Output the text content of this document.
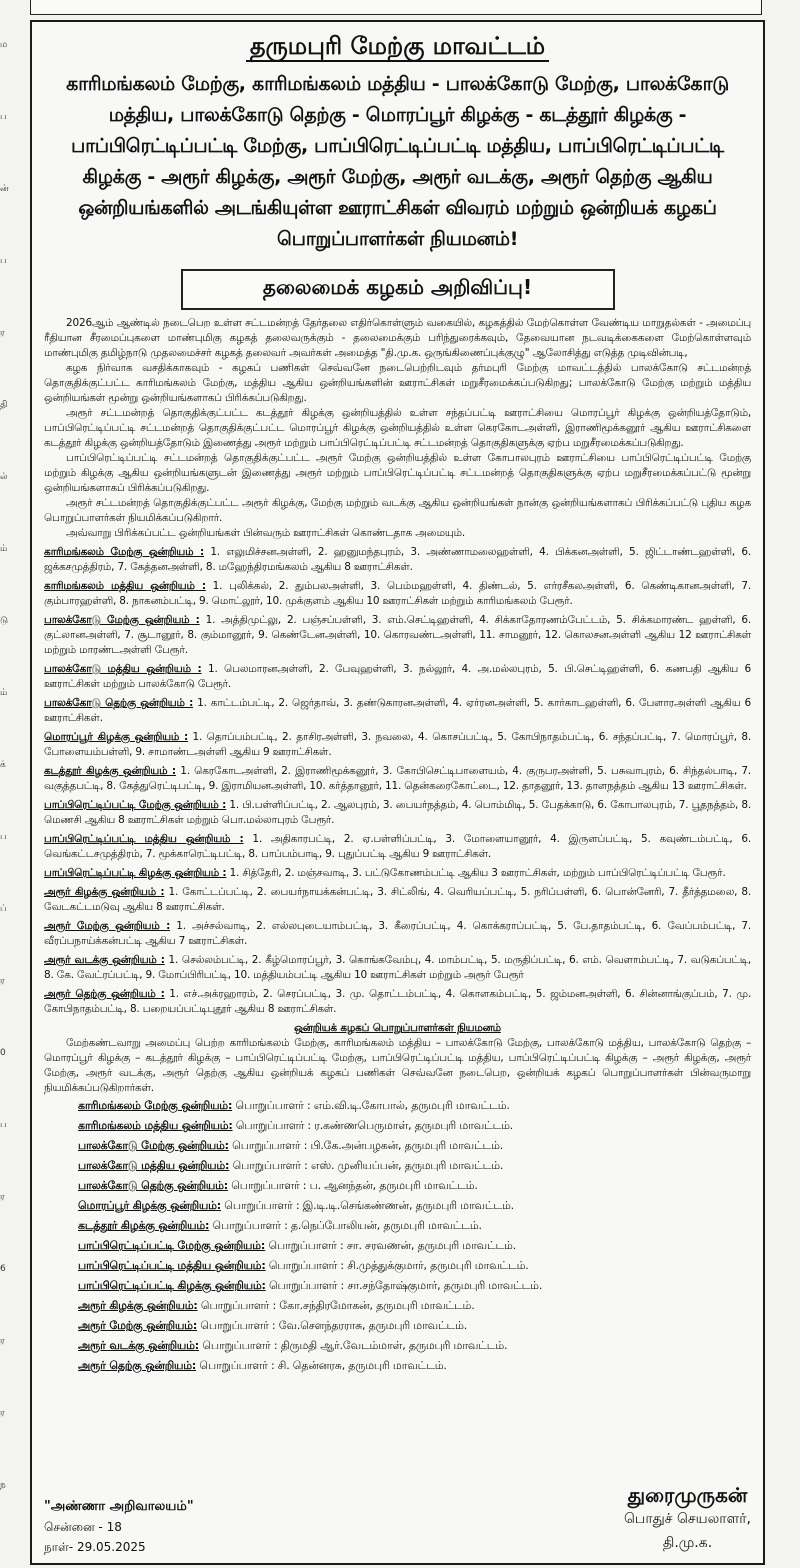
ம
ப
ன்
ப
ர
தி
ல்
ம்
டு
ம்
க்
ப
ப்
ர
0
ப
ர
6
ர
ர
ந
தருமபுரி மேற்கு மாவட்டம்
காரிமங்கலம் மேற்கு, காரிமங்கலம் மத்திய - பாலக்கோடு மேற்கு, பாலக்கோடு மத்திய, பாலக்கோடு தெற்கு - மொரப்பூர் கிழக்கு - கடத்தூர் கிழக்கு - பாப்பிரெட்டிப்பட்டி மேற்கு, பாப்பிரெட்டிப்பட்டி மத்திய, பாப்பிரெட்டிப்பட்டி கிழக்கு - அரூர் கிழக்கு, அரூர் மேற்கு, அரூர் வடக்கு, அரூர் தெற்கு ஆகிய ஒன்றியங்களில் அடங்கியுள்ள ஊராட்சிகள் விவரம் மற்றும் ஒன்றியக் கழகப் பொறுப்பாளர்கள் நியமனம்!
தலைமைக் கழகம் அறிவிப்பு!

2026ஆம் ஆண்டில் நடைபெற உள்ள சட்டமன்றத் தேர்தலை எதிர்கொள்ளும் வகையில், கழகத்தில் மேற்கொள்ள வேண்டிய மாறுதல்கள் - அமைப்பு ரீதியான சீரமைப்புகளை மாண்புமிகு கழகத் தலைவருக்கும் - தலைமைக்கும் பரிந்துரைக்கவும், தேவையான நடவடிக்கைகளை மேற்கொள்ளவும் மாண்புமிகு தமிழ்நாடு முதலமைச்சர் கழகத் தலைவர் அவர்கள் அமைத்த "தி.மு.க. ஒருங்கிணைப்புக்குழு" ஆலோசித்து எடுத்த முடிவின்படி,

கழக நிர்வாக வசதிக்காகவும் - கழகப் பணிகள் செவ்வனே நடைபெற்றிடவும் தர்மபுரி மேற்கு மாவட்டத்தில் பாலக்கோடு சட்டமன்றத் தொகுதிக்குட்பட்ட காரிமங்கலம் மேற்கு, மத்திய ஆகிய ஒன்றியங்களின் ஊராட்சிகள் மறுசீரமைக்கப்படுகிறது; பாலக்கோடு மேற்கு மற்றும் மத்திய ஒன்றியங்கள் மூன்று ஒன்றியங்களாகப் பிரிக்கப்படுகிறது.

அரூர் சட்டமன்றத் தொகுதிக்குட்பட்ட கடத்தூர் கிழக்கு ஒன்றியத்தில் உள்ள சந்தப்பட்டி ஊராட்சியை மொரப்பூர் கிழக்கு ஒன்றியத்தோடும், பாப்பிரெட்டிப்பட்டி சட்டமன்றத் தொகுதிக்குட்பட்ட மொரப்பூர் கிழக்கு ஒன்றியத்தில் உள்ள கெரகோடஅள்ளி, இராணிமூக்கனூர் ஆகிய ஊராட்சிகளை கடத்தூர் கிழக்கு ஒன்றியத்தோடும் இணைத்து அரூர் மற்றும் பாப்பிரெட்டிப்பட்டி சட்டமன்றத் தொகுதிகளுக்கு ஏற்ப மறுசீரமைக்கப்படுகிறது.

பாப்பிரெட்டிப்பட்டி சட்டமன்றத் தொகுதிக்குட்பட்ட அரூர் மேற்கு ஒன்றியத்தில் உள்ள கோபாலபுரம் ஊராட்சியை பாப்பிரெட்டிப்பட்டி மேற்கு மற்றும் கிழக்கு ஆகிய ஒன்றியங்களுடன் இணைத்து அரூர் மற்றும் பாப்பிரெட்டிப்பட்டி சட்டமன்றத் தொகுதிகளுக்கு ஏற்ப மறுசீரமைக்கப்பட்டு மூன்று ஒன்றியங்களாகப் பிரிக்கப்படுகிறது.

அரூர் சட்டமன்றத் தொகுதிக்குட்பட்ட அரூர் கிழக்கு, மேற்கு மற்றும் வடக்கு ஆகிய ஒன்றியங்கள் நான்கு ஒன்றியங்களாகப் பிரிக்கப்பட்டு புதிய கழக பொறுப்பாளர்கள் நியமிக்கப்படுகிறார்.

அவ்வாறு பிரிக்கப்பட்ட ஒன்றியங்கள் பின்வரும் ஊராட்சிகள் கொண்டதாக அமையும்.

காரிமங்கலம் மேற்கு ஒன்றியம் : 1. எலுமிச்சனஅள்ளி, 2. ஹனுமந்தபுரம், 3. அண்ணாமலைஹள்ளி, 4. பிக்கனஅள்ளி, 5. ஜிட்டாண்டஹள்ளி, 6. ஜக்கசமுத்திரம், 7. கேத்தனஅள்ளி, 8. மஹேந்திரமங்கலம் ஆகிய 8 ஊராட்சிகள்.
காரிமங்கலம் மத்திய ஒன்றியம் : 1. புலிக்கல், 2. தும்பலஅள்ளி, 3. பெம்மஹள்ளி, 4. திண்டல், 5. எர்ரசீகலஅள்ளி, 6. கெண்டிகானஅள்ளி, 7. கும்பாரஹள்ளி, 8. நாகனம்பட்டி, 9. மொட்லூர், 10. முக்குளம் ஆகிய 10 ஊராட்சிகள் மற்றும் காரிமங்கலம் பேரூர்.
பாலக்கோடு மேற்கு ஒன்றியம் : 1. அத்திமுட்லு, 2. பஞ்சப்பள்ளி, 3. எம்.செட்டிஹள்ளி, 4. சிக்காதோரணம்பேட்டம், 5. சிக்கமாரண்ட ஹள்ளி, 6. குட்லானஅள்ளி, 7. சூடானூர், 8. கும்மானூர், 9. கெண்டேனஅள்ளி, 10. கொரவண்டஅள்ளி, 11. சாமனூர், 12. கொலசனஅள்ளி ஆகிய 12 ஊராட்சிகள் மற்றும் மாரண்டஅள்ளி பேரூர்.
பாலக்கோடு மத்திய ஒன்றியம் : 1. பெலமாரனஅள்ளி, 2. பேவுஹள்ளி, 3. நல்லூர், 4. அ.மல்லபுரம், 5. பி.செட்டிஹள்ளி, 6. கணபதி ஆகிய 6 ஊராட்சிகள் மற்றும் பாலக்கோடு பேரூர்.
பாலக்கோடு தெற்கு ஒன்றியம் : 1. காட்டம்பட்டி, 2. ஜெர்தாவ், 3. தண்டுகாரனஅள்ளி, 4. ஏர்ரனஅள்ளி, 5. கார்காடஹள்ளி, 6. பேளாரஅள்ளி ஆகிய 6 ஊராட்சிகள்.
மொரப்பூர் கிழக்கு ஒன்றியம் : 1. தொப்பம்பட்டி, 2. தாசிரஅள்ளி, 3. நவலை, 4. கொசப்பட்டி, 5. கோபிநாதம்பட்டி, 6. சந்தப்பட்டி, 7. மொரப்பூர், 8. போளையம்பள்ளி, 9. சாமாண்டஅள்ளி ஆகிய 9 ஊராட்சிகள்.
கடத்தூர் கிழக்கு ஒன்றியம் : 1. கெரகோடஅள்ளி, 2. இராணிமூக்கனூர், 3. கோபிசெட்டிபாளையம், 4. குருபரஅள்ளி, 5. பசுவாபுரம், 6. சிந்தல்பாடி, 7. வகுத்தபட்டி, 8. கேத்துரெட்டிபட்டி, 9. இராமியனஅள்ளி, 10. கர்த்தானூர், 11. தென்கரைகோட்டை, 12. தாதனூர், 13. தாளநத்தம் ஆகிய 13 ஊராட்சிகள்.
பாப்பிரெட்டிப்பட்டி மேற்கு ஒன்றியம் : 1. பி.பள்ளிப்பட்டி, 2. ஆலபுரம், 3. பையர்நத்தம், 4. பொம்மிடி, 5. பேதக்காடு, 6. கோபாலபுரம், 7. பூதநத்தம், 8. மெணசி ஆகிய 8 ஊராட்சிகள் மற்றும் பொ.மல்லாபுரம் பேரூர்.
பாப்பிரெட்டிப்பட்டி மத்திய ஒன்றியம் : 1. அதிகாரபட்டி, 2. ஏ.பள்ளிப்பட்டி, 3. மோளையானூர், 4. இருளப்பட்டி, 5. கவுண்டம்பட்டி, 6. வெங்கட்டசமுத்திரம், 7. மூக்காரெட்டிபட்டி, 8. பாப்பம்பாடி, 9. புதுப்பட்டி ஆகிய 9 ஊராட்சிகள்.
பாப்பிரெட்டிப்பட்டி கிழக்கு ஒன்றியம் : 1. சித்தேரி, 2. மஞ்சவாடி, 3. பட்டுகோணம்பட்டி ஆகிய 3 ஊராட்சிகள், மற்றும் பாப்பிரெட்டிப்பட்டி பேரூர்.
அரூர் கிழக்கு ஒன்றியம் : 1. கோட்டப்பட்டி, 2. பையர்நாயக்கன்பட்டி, 3. சிட்லிங், 4. வெரியப்பட்டி, 5. நரிப்பள்ளி, 6. பொன்னேரி, 7. தீர்த்தமலை, 8. வேடகட்டமடுவு ஆகிய 8 ஊராட்சிகள்.
அரூர் மேற்கு ஒன்றியம் : 1. அச்சல்வாடி, 2. எல்லபுடையாம்பட்டி, 3. கீரைப்பட்டி, 4. கொக்கராப்பட்டி, 5. பே.தாதம்பட்டி, 6. வேப்பம்பட்டி, 7. வீரப்பநாய்க்கன்பட்டி ஆகிய 7 ஊராட்சிகள்.
அரூர் வடக்கு ஒன்றியம் : 1. செல்லம்பட்டி, 2. கீழ்மொரப்பூர், 3. கொங்கவேம்பு, 4. மாம்பட்டி, 5. மருதிப்பட்டி, 6. எம். வெளாம்பட்டி, 7. வடுகப்பட்டி, 8. கே. வேட்ரப்பட்டி, 9. மோப்பிரிபட்டி, 10. மத்தியம்பட்டி ஆகிய 10 ஊராட்சிகள் மற்றும் அரூர் பேரூர்
அரூர் தெற்கு ஒன்றியம் : 1. எச்.அக்ரஹாரம், 2. செரப்பட்டி, 3. மு. தொட்டம்பட்டி, 4. கொளகம்பட்டி, 5. ஜம்மனஅள்ளி, 6. சின்னாங்குப்பம், 7. மு. கோபிநாதம்பட்டி, 8. பறையப்பட்டிபுதூர் ஆகிய 8 ஊராட்சிகள்.
ஒன்றியக் கழகப் பொறுப்பாளர்கள் நியமனம்

மேற்கண்டவாறு அமைப்பு பெற்ற காரிமங்கலம் மேற்கு, காரிமங்கலம் மத்திய – பாலக்கோடு மேற்கு, பாலக்கோடு மத்திய, பாலக்கோடு தெற்கு – மொரப்பூர் கிழக்கு – கடத்தூர் கிழக்கு – பாப்பிரெட்டிப்பட்டி மேற்கு, பாப்பிரெட்டிப்பட்டி மத்திய, பாப்பிரெட்டிப்பட்டி கிழக்கு – அரூர் கிழக்கு, அரூர் மேற்கு, அரூர் வடக்கு, அரூர் தெற்கு ஆகிய ஒன்றியக் கழகப் பணிகள் செவ்வனே நடைபெற, ஒன்றியக் கழகப் பொறுப்பாளர்கள் பின்வருமாறு நியமிக்கப்படுகிறார்கள்.

காரிமங்கலம் மேற்கு ஒன்றியம்: பொறுப்பாளர் : எம்.வி.டி.கோபால், தருமபுரி மாவட்டம்.
காரிமங்கலம் மத்திய ஒன்றியம்: பொறுப்பாளர் : ர.கண்ணபெருமாள், தருமபுரி மாவட்டம்.
பாலக்கோடு மேற்கு ஒன்றியம்: பொறுப்பாளர் : பி.கே.அன்பழகன், தருமபுரி மாவட்டம்.
பாலக்கோடு மத்திய ஒன்றியம்: பொறுப்பாளர் : எஸ். முனியப்பன், தருமபுரி மாவட்டம்.
பாலக்கோடு தெற்கு ஒன்றியம்: பொறுப்பாளர் : ப. ஆனந்தன், தருமபுரி மாவட்டம்.
மொரப்பூர் கிழக்கு ஒன்றியம்: பொறுப்பாளர் : இ.டி.டி.செங்கண்ணன், தருமபுரி மாவட்டம்.
கடத்தூர் கிழக்கு ஒன்றியம்: பொறுப்பாளர் : த.நெப்போலியன், தருமபுரி மாவட்டம்.
பாப்பிரெட்டிப்பட்டி மேற்கு ஒன்றியம்: பொறுப்பாளர் : சா. சரவணன், தருமபுரி மாவட்டம்.
பாப்பிரெட்டிப்பட்டி மத்திய ஒன்றியம்: பொறுப்பாளர் : சி.முத்துக்குமார், தருமபுரி மாவட்டம்.
பாப்பிரெட்டிப்பட்டி கிழக்கு ஒன்றியம்: பொறுப்பாளர் : சா.சந்தோஷ்குமார், தருமபுரி மாவட்டம்.
அரூர் கிழக்கு ஒன்றியம்: பொறுப்பாளர் : கோ.சந்திரமோகன், தருமபுரி மாவட்டம்.
அரூர் மேற்கு ஒன்றியம்: பொறுப்பாளர் : வே.சௌந்தரராசு, தருமபுரி மாவட்டம்.
அரூர் வடக்கு ஒன்றியம்: பொறுப்பாளர் : திருமதி ஆர்.வேடம்மாள், தருமபுரி மாவட்டம்.
அரூர் தெற்கு ஒன்றியம்: பொறுப்பாளர் : சி. தென்னரசு, தருமபுரி மாவட்டம்.
"அண்ணா அறிவாலயம்"
சென்னை - 18
நாள்- 29.05.2025
துரைமுருகன்
பொதுச் செயலாளர்,
தி.மு.க.
